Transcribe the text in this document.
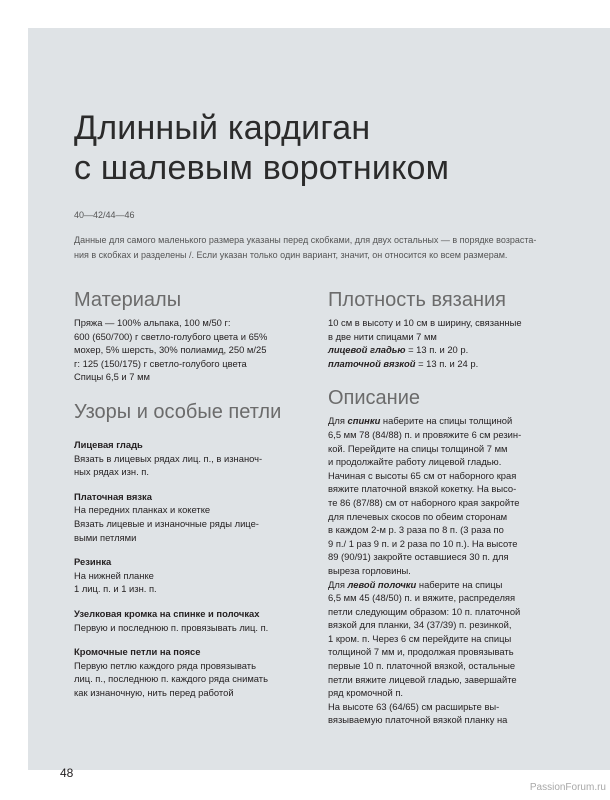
Длинный кардиган
с шалевым воротником
40—42/44—46
Данные для самого маленького размера указаны перед скобками, для двух остальных — в порядке возраста-
ния в скобках и разделены /. Если указан только один вариант, значит, он относится ко всем размерам.
Материалы
Пряжа — 100% альпака, 100 м/50 г:
600 (650/700) г светло-голубого цвета и 65%
мохер, 5% шерсть, 30% полиамид, 250 м/25
г: 125 (150/175) г светло-голубого цвета
Спицы 6,5 и 7 мм
Узоры и особые петли
Лицевая гладь
Вязать в лицевых рядах лиц. п., в изнаноч-
ных рядах изн. п.
Платочная вязка
На передних планках и кокетке
Вязать лицевые и изнаночные ряды лице-
выми петлями
Резинка
На нижней планке
1 лиц. п. и 1 изн. п.
Узелковая кромка на спинке и полочках
Первую и последнюю п. провязывать лиц. п.
Кромочные петли на поясе
Первую петлю каждого ряда провязывать
лиц. п., последнюю п. каждого ряда снимать
как изнаночную, нить перед работой
Плотность вязания
10 см в высоту и 10 см в ширину, связанные
в две нити спицами 7 мм
лицевой гладью = 13 п. и 20 р.
платочной вязкой = 13 п. и 24 р.
Описание
Для спинки наберите на спицы толщиной
6,5 мм 78 (84/88) п. и провяжите 6 см резин-
кой. Перейдите на спицы толщиной 7 мм
и продолжайте работу лицевой гладью.
Начиная с высоты 65 см от наборного края
вяжите платочной вязкой кокетку. На высо-
те 86 (87/88) см от наборного края закройте
для плечевых скосов по обеим сторонам
в каждом 2-м р. 3 раза по 8 п. (3 раза по
9 п./ 1 раз 9 п. и 2 раза по 10 п.). На высоте
89 (90/91) закройте оставшиеся 30 п. для
выреза горловины.
Для левой полочки наберите на спицы
6,5 мм 45 (48/50) п. и вяжите, распределяя
петли следующим образом: 10 п. платочной
вязкой для планки, 34 (37/39) п. резинкой,
1 кром. п. Через 6 см перейдите на спицы
толщиной 7 мм и, продолжая провязывать
первые 10 п. платочной вязкой, остальные
петли вяжите лицевой гладью, завершайте
ряд кромочной п.
На высоте 63 (64/65) см расширьте вы-
вязываемую платочной вязкой планку на
48
PassionForum.ru
